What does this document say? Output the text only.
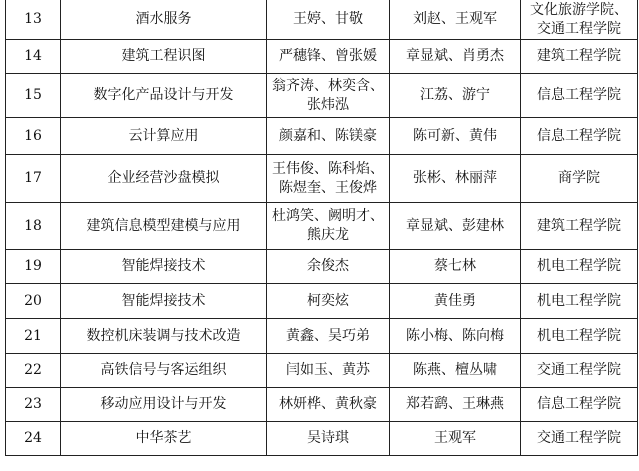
13	酒水服务	王婷、甘敬	刘赵、王观军	文化旅游学院、
交通工程学院

14	建筑工程识图	严穗锋、曾张媛	章显斌、肖勇杰	建筑工程学院

15	数字化产品设计与开发	翁齐涛、林奕含、
张炜泓	江荔、游宁	信息工程学院

16	云计算应用	颜嘉和、陈镁豪	陈可新、黄伟	信息工程学院

17	企业经营沙盘模拟	王伟俊、陈科焰、
陈煜奎、王俊烨	张彬、林丽萍	商学院

18	建筑信息模型建模与应用	杜鸿笑、阙明才、
熊庆龙	章显斌、彭建林	建筑工程学院

19	智能焊接技术	余俊杰	蔡七林	机电工程学院

20	智能焊接技术	柯奕炫	黄佳勇	机电工程学院

21	数控机床装调与技术改造	黄鑫、吴巧弟	陈小梅、陈向梅	机电工程学院

22	高铁信号与客运组织	闫如玉、黄苏	陈燕、檀丛啸	交通工程学院

23	移动应用设计与开发	林妍桦、黄秋豪	郑若鹞、王琳燕	信息工程学院

24	中华茶艺	吴诗琪	王观军	交通工程学院
